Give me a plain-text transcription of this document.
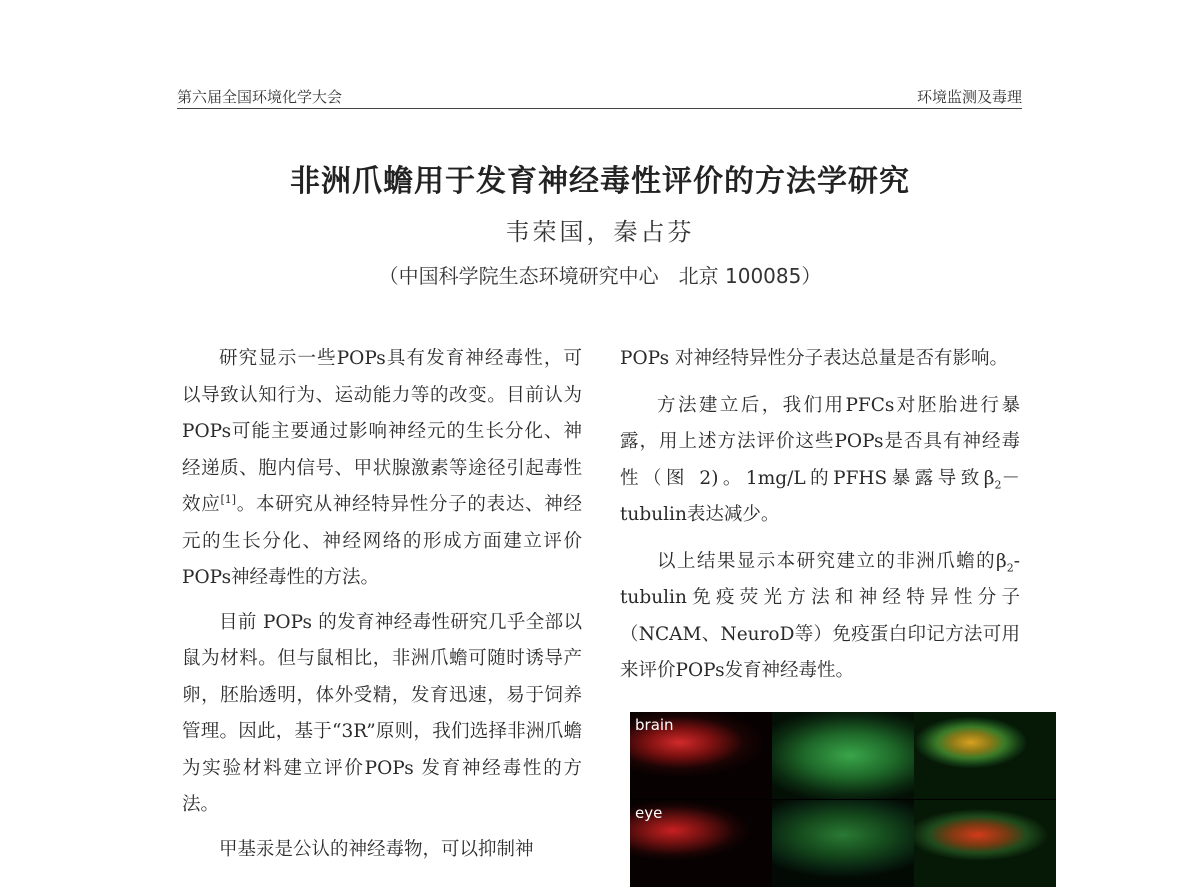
第六届全国环境化学大会	环境监测及毒理
非洲爪蟾用于发育神经毒性评价的方法学研究
韦荣国，秦占芬
（中国科学院生态环境研究中心　北京 100085）

研究显示一些POPs具有发育神经毒性，可以导致认知行为、运动能力等的改变。目前认为POPs可能主要通过影响神经元的生长分化、神经递质、胞内信号、甲状腺激素等途径引起毒性效应[1]。本研究从神经特异性分子的表达、神经元的生长分化、神经网络的形成方面建立评价POPs神经毒性的方法。

目前 POPs 的发育神经毒性研究几乎全部以鼠为材料。但与鼠相比，非洲爪蟾可随时诱导产卵，胚胎透明，体外受精，发育迅速，易于饲养管理。因此，基于“3R”原则，我们选择非洲爪蟾为实验材料建立评价POPs 发育神经毒性的方法。

甲基汞是公认的神经毒物，可以抑制神

POPs 对神经特异性分子表达总量是否有影响。

方法建立后，我们用PFCs对胚胎进行暴露，用上述方法评价这些POPs是否具有神经毒性（图 2)。1mg/L的PFHS暴露导致$\beta_2-tubulin$表达减少。

以上结果显示本研究建立的非洲爪蟾的$\beta_2$-tubulin免疫荧光方法和神经特异性分子（NCAM、NeuroD等）免疫蛋白印记方法可用来评价POPs发育神经毒性。

brain
eye
